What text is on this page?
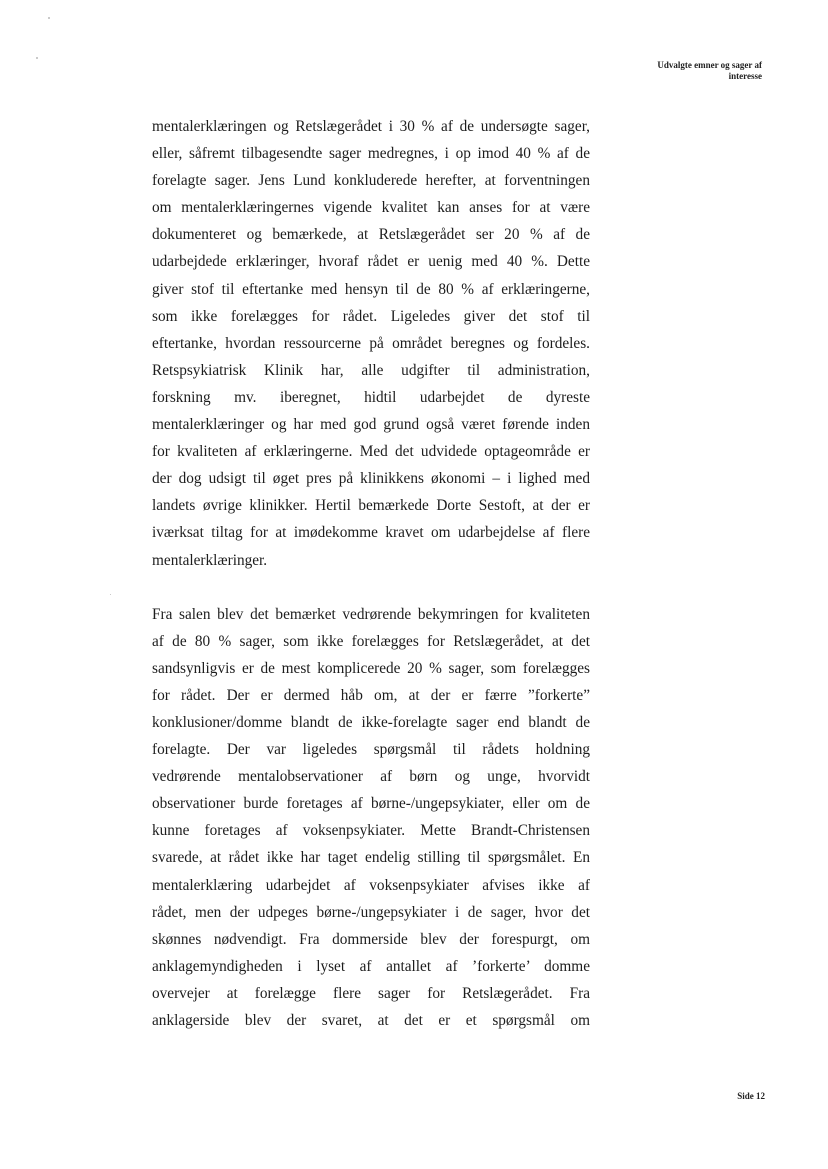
Udvalgte emner og sager af
interesse

mentalerklæringen og Retslægerådet i 30 % af de undersøgte sager,
eller, såfremt tilbagesendte sager medregnes, i op imod 40 % af de
forelagte sager. Jens Lund konkluderede herefter, at forventningen
om mentalerklæringernes vigende kvalitet kan anses for at være
dokumenteret og bemærkede, at Retslægerådet ser 20 % af de
udarbejdede erklæringer, hvoraf rådet er uenig med 40 %. Dette
giver stof til eftertanke med hensyn til de 80 % af erklæringerne,
som ikke forelægges for rådet. Ligeledes giver det stof til
eftertanke, hvordan ressourcerne på området beregnes og fordeles.
Retspsykiatrisk Klinik har, alle udgifter til administration,
forskning mv. iberegnet, hidtil udarbejdet de dyreste
mentalerklæringer og har med god grund også været førende inden
for kvaliteten af erklæringerne. Med det udvidede optageområde er
der dog udsigt til øget pres på klinikkens økonomi – i lighed med
landets øvrige klinikker. Hertil bemærkede Dorte Sestoft, at der er
iværksat tiltag for at imødekomme kravet om udarbejdelse af flere
mentalerklæringer.

Fra salen blev det bemærket vedrørende bekymringen for kvaliteten
af de 80 % sager, som ikke forelægges for Retslægerådet, at det
sandsynligvis er de mest komplicerede 20 % sager, som forelægges
for rådet. Der er dermed håb om, at der er færre ”forkerte”
konklusioner/domme blandt de ikke-forelagte sager end blandt de
forelagte. Der var ligeledes spørgsmål til rådets holdning
vedrørende mentalobservationer af børn og unge, hvorvidt
observationer burde foretages af børne-/ungepsykiater, eller om de
kunne foretages af voksenpsykiater. Mette Brandt-Christensen
svarede, at rådet ikke har taget endelig stilling til spørgsmålet. En
mentalerklæring udarbejdet af voksenpsykiater afvises ikke af
rådet, men der udpeges børne-/ungepsykiater i de sager, hvor det
skønnes nødvendigt. Fra dommerside blev der forespurgt, om
anklagemyndigheden i lyset af antallet af ’forkerte’ domme
overvejer at forelægge flere sager for Retslægerådet. Fra
anklagerside blev der svaret, at det er et spørgsmål om

Side 12
